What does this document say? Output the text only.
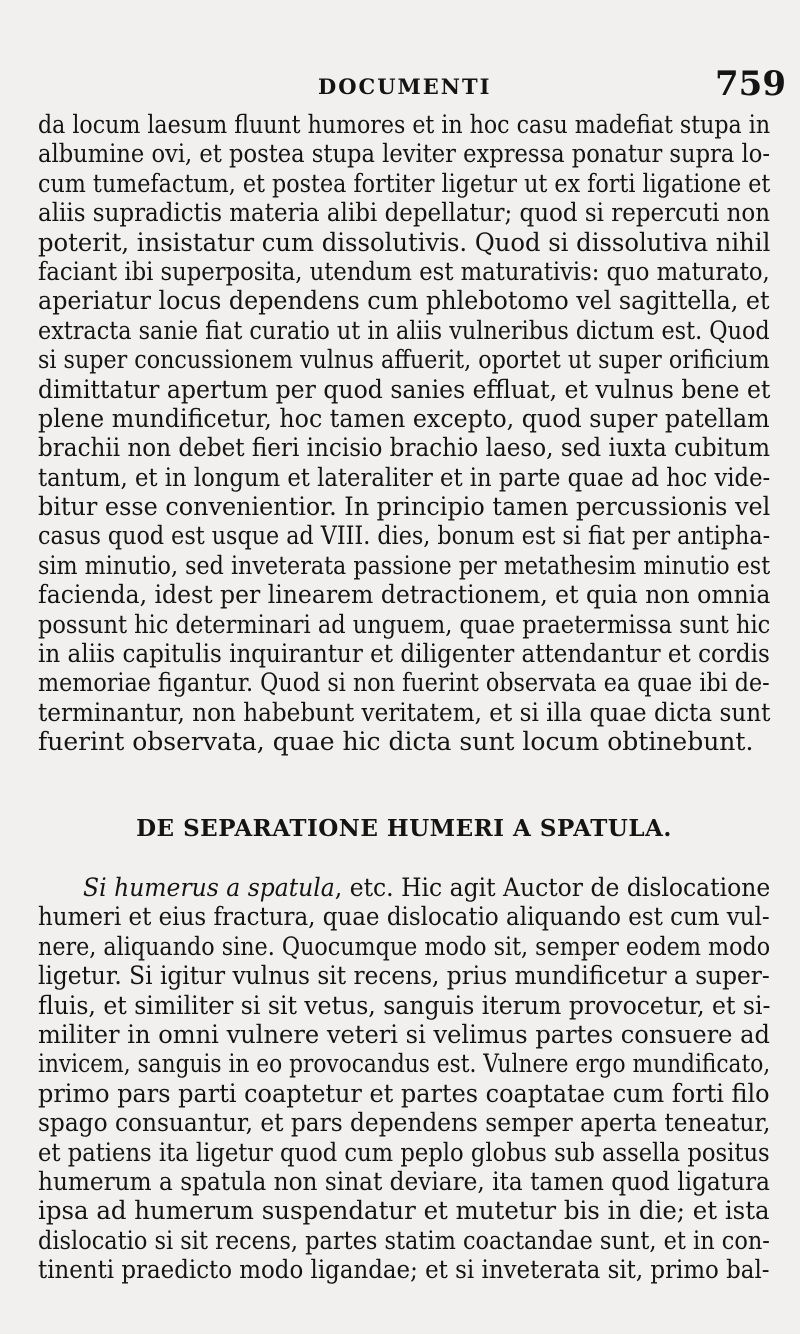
DOCUMENTI	759
da locum laesum fluunt humores et in hoc casu madefiat stupa in
albumine ovi, et postea stupa leviter expressa ponatur supra lo-
cum tumefactum, et postea fortiter ligetur ut ex forti ligatione et
aliis supradictis materia alibi depellatur; quod si repercuti non
poterit, insistatur cum dissolutivis. Quod si dissolutiva nihil
faciant ibi superposita, utendum est maturativis: quo maturato,
aperiatur locus dependens cum phlebotomo vel sagittella, et
extracta sanie fiat curatio ut in aliis vulneribus dictum est. Quod
si super concussionem vulnus affuerit, oportet ut super orificium
dimittatur apertum per quod sanies effluat, et vulnus bene et
plene mundificetur, hoc tamen excepto, quod super patellam
brachii non debet fieri incisio brachio laeso, sed iuxta cubitum
tantum, et in longum et lateraliter et in parte quae ad hoc vide-
bitur esse convenientior. In principio tamen percussionis vel
casus quod est usque ad VIII. dies, bonum est si fiat per antipha-
sim minutio, sed inveterata passione per metathesim minutio est
facienda, idest per linearem detractionem, et quia non omnia
possunt hic determinari ad unguem, quae praetermissa sunt hic
in aliis capitulis inquirantur et diligenter attendantur et cordis
memoriae figantur. Quod si non fuerint observata ea quae ibi de-
terminantur, non habebunt veritatem, et si illa quae dicta sunt
fuerint observata, quae hic dicta sunt locum obtinebunt.
DE SEPARATIONE HUMERI A SPATULA.
Si humerus a spatula, etc. Hic agit Auctor de dislocatione
humeri et eius fractura, quae dislocatio aliquando est cum vul-
nere, aliquando sine. Quocumque modo sit, semper eodem modo
ligetur. Si igitur vulnus sit recens, prius mundificetur a super-
fluis, et similiter si sit vetus, sanguis iterum provocetur, et si-
militer in omni vulnere veteri si velimus partes consuere ad
invicem, sanguis in eo provocandus est. Vulnere ergo mundificato,
primo pars parti coaptetur et partes coaptatae cum forti filo
spago consuantur, et pars dependens semper aperta teneatur,
et patiens ita ligetur quod cum peplo globus sub assella positus
humerum a spatula non sinat deviare, ita tamen quod ligatura
ipsa ad humerum suspendatur et mutetur bis in die; et ista
dislocatio si sit recens, partes statim coactandae sunt, et in con-
tinenti praedicto modo ligandae; et si inveterata sit, primo bal-
